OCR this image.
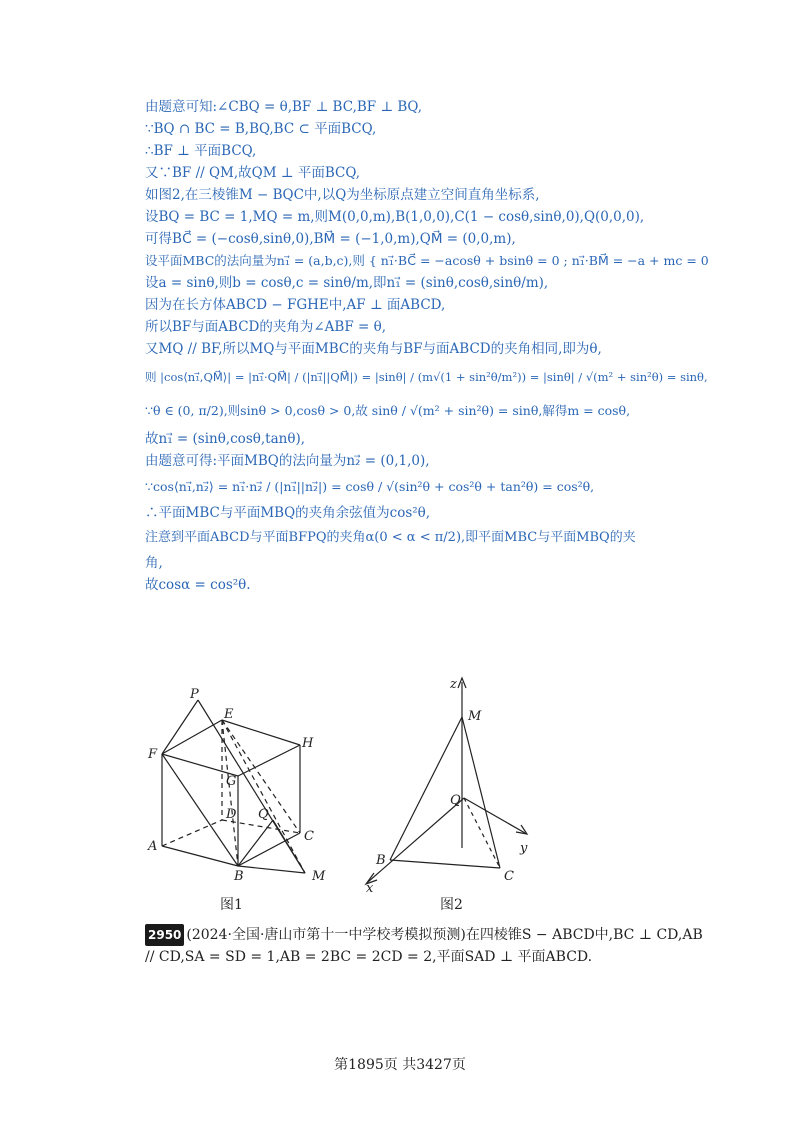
由题意可知:∠CBQ = θ,BF ⊥ BC,BF ⊥ BQ,
∵BQ ∩ BC = B,BQ,BC ⊂ 平面BCQ,
∴BF ⊥ 平面BCQ,
又∵BF // QM,故QM ⊥ 平面BCQ,
如图2,在三棱锥M − BQC中,以Q为坐标原点建立空间直角坐标系,
设BQ = BC = 1,MQ = m,则M(0,0,m),B(1,0,0),C(1 − cosθ,sinθ,0),Q(0,0,0),
可得BC⃗ = (−cosθ,sinθ,0),BM⃗ = (−1,0,m),QM⃗ = (0,0,m),
设平面MBC的法向量为n₁⃗ = (a,b,c),则 { n₁⃗·BC⃗ = −acosθ + bsinθ = 0 ; n₁⃗·BM⃗ = −a + mc = 0
设a = sinθ,则b = cosθ,c = sinθ/m,即n₁⃗ = (sinθ,cosθ,sinθ/m),
因为在长方体ABCD − FGHE中,AF ⊥ 面ABCD,
所以BF与面ABCD的夹角为∠ABF = θ,
又MQ // BF,所以MQ与平面MBC的夹角与BF与面ABCD的夹角相同,即为θ,
则 |cos⟨n₁⃗,QM⃗⟩| = |n₁⃗·QM⃗| / (|n₁⃗||QM⃗|) = |sinθ| / (m√(1 + sin²θ/m²)) = |sinθ| / √(m² + sin²θ) = sinθ,
∵θ ∈ (0, π/2),则sinθ > 0,cosθ > 0,故 sinθ / √(m² + sin²θ) = sinθ,解得m = cosθ,
故n₁⃗ = (sinθ,cosθ,tanθ),
由题意可得:平面MBQ的法向量为n₂⃗ = (0,1,0),
∵cos⟨n₁⃗,n₂⃗⟩ = n₁⃗·n₂⃗ / (|n₁⃗||n₂⃗|) = cosθ / √(sin²θ + cos²θ + tan²θ) = cos²θ,
∴平面MBC与平面MBQ的夹角余弦值为cos²θ,
注意到平面ABCD与平面BFPQ的夹角α(0 < α < π/2),即平面MBC与平面MBQ的夹
角,
故cosα = cos²θ.
P
E
H
F
G
D Q
C
A
B	M
z
M
Q
y
B
C
x
图1	图2
2950 (2024·全国·唐山市第十一中学校考模拟预测)在四棱锥S − ABCD中,BC ⊥ CD,AB
// CD,SA = SD = 1,AB = 2BC = 2CD = 2,平面SAD ⊥ 平面ABCD.
第1895页 共3427页
